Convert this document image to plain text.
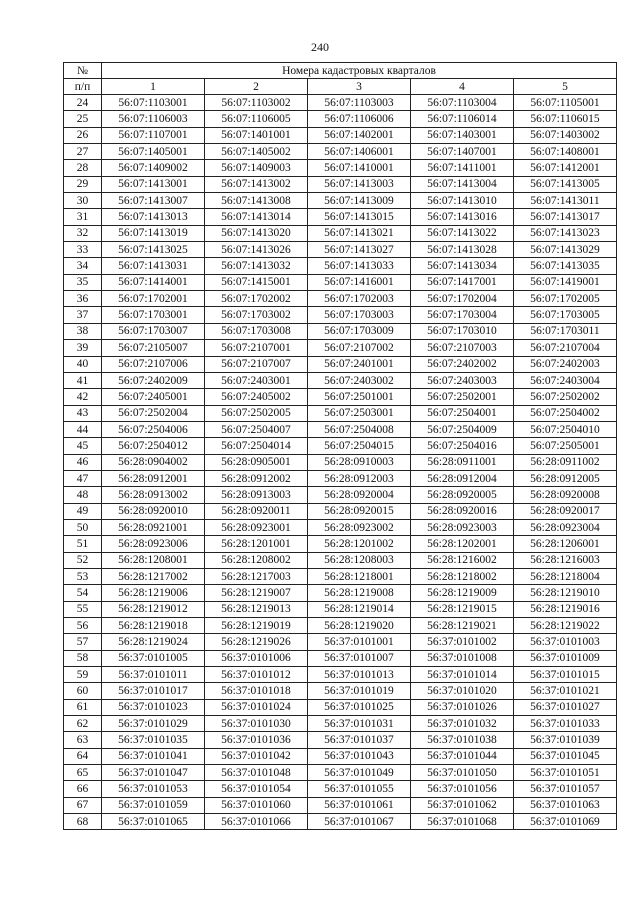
240
№	Номера кадастровых кварталов				
п/п	1	2	3	4	5
24	56:07:1103001	56:07:1103002	56:07:1103003	56:07:1103004	56:07:1105001
25	56:07:1106003	56:07:1106005	56:07:1106006	56:07:1106014	56:07:1106015
26	56:07:1107001	56:07:1401001	56:07:1402001	56:07:1403001	56:07:1403002
27	56:07:1405001	56:07:1405002	56:07:1406001	56:07:1407001	56:07:1408001
28	56:07:1409002	56:07:1409003	56:07:1410001	56:07:1411001	56:07:1412001
29	56:07:1413001	56:07:1413002	56:07:1413003	56:07:1413004	56:07:1413005
30	56:07:1413007	56:07:1413008	56:07:1413009	56:07:1413010	56:07:1413011
31	56:07:1413013	56:07:1413014	56:07:1413015	56:07:1413016	56:07:1413017
32	56:07:1413019	56:07:1413020	56:07:1413021	56:07:1413022	56:07:1413023
33	56:07:1413025	56:07:1413026	56:07:1413027	56:07:1413028	56:07:1413029
34	56:07:1413031	56:07:1413032	56:07:1413033	56:07:1413034	56:07:1413035
35	56:07:1414001	56:07:1415001	56:07:1416001	56:07:1417001	56:07:1419001
36	56:07:1702001	56:07:1702002	56:07:1702003	56:07:1702004	56:07:1702005
37	56:07:1703001	56:07:1703002	56:07:1703003	56:07:1703004	56:07:1703005
38	56:07:1703007	56:07:1703008	56:07:1703009	56:07:1703010	56:07:1703011
39	56:07:2105007	56:07:2107001	56:07:2107002	56:07:2107003	56:07:2107004
40	56:07:2107006	56:07:2107007	56:07:2401001	56:07:2402002	56:07:2402003
41	56:07:2402009	56:07:2403001	56:07:2403002	56:07:2403003	56:07:2403004
42	56:07:2405001	56:07:2405002	56:07:2501001	56:07:2502001	56:07:2502002
43	56:07:2502004	56:07:2502005	56:07:2503001	56:07:2504001	56:07:2504002
44	56:07:2504006	56:07:2504007	56:07:2504008	56:07:2504009	56:07:2504010
45	56:07:2504012	56:07:2504014	56:07:2504015	56:07:2504016	56:07:2505001
46	56:28:0904002	56:28:0905001	56:28:0910003	56:28:0911001	56:28:0911002
47	56:28:0912001	56:28:0912002	56:28:0912003	56:28:0912004	56:28:0912005
48	56:28:0913002	56:28:0913003	56:28:0920004	56:28:0920005	56:28:0920008
49	56:28:0920010	56:28:0920011	56:28:0920015	56:28:0920016	56:28:0920017
50	56:28:0921001	56:28:0923001	56:28:0923002	56:28:0923003	56:28:0923004
51	56:28:0923006	56:28:1201001	56:28:1201002	56:28:1202001	56:28:1206001
52	56:28:1208001	56:28:1208002	56:28:1208003	56:28:1216002	56:28:1216003
53	56:28:1217002	56:28:1217003	56:28:1218001	56:28:1218002	56:28:1218004
54	56:28:1219006	56:28:1219007	56:28:1219008	56:28:1219009	56:28:1219010
55	56:28:1219012	56:28:1219013	56:28:1219014	56:28:1219015	56:28:1219016
56	56:28:1219018	56:28:1219019	56:28:1219020	56:28:1219021	56:28:1219022
57	56:28:1219024	56:28:1219026	56:37:0101001	56:37:0101002	56:37:0101003
58	56:37:0101005	56:37:0101006	56:37:0101007	56:37:0101008	56:37:0101009
59	56:37:0101011	56:37:0101012	56:37:0101013	56:37:0101014	56:37:0101015
60	56:37:0101017	56:37:0101018	56:37:0101019	56:37:0101020	56:37:0101021
61	56:37:0101023	56:37:0101024	56:37:0101025	56:37:0101026	56:37:0101027
62	56:37:0101029	56:37:0101030	56:37:0101031	56:37:0101032	56:37:0101033
63	56:37:0101035	56:37:0101036	56:37:0101037	56:37:0101038	56:37:0101039
64	56:37:0101041	56:37:0101042	56:37:0101043	56:37:0101044	56:37:0101045
65	56:37:0101047	56:37:0101048	56:37:0101049	56:37:0101050	56:37:0101051
66	56:37:0101053	56:37:0101054	56:37:0101055	56:37:0101056	56:37:0101057
67	56:37:0101059	56:37:0101060	56:37:0101061	56:37:0101062	56:37:0101063
68	56:37:0101065	56:37:0101066	56:37:0101067	56:37:0101068	56:37:0101069
